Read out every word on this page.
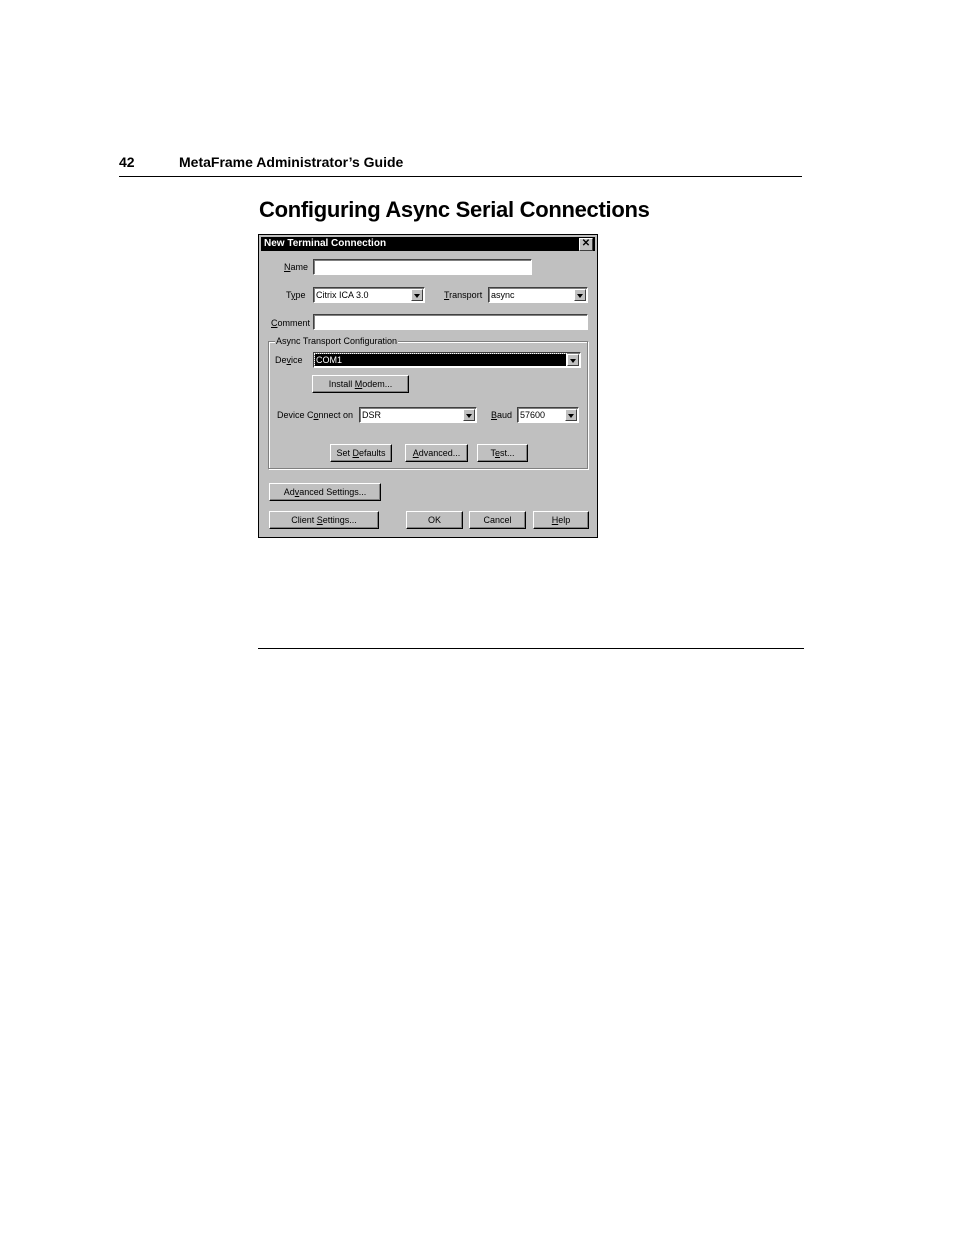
42	MetaFrame Administrator’s Guide
Configuring Async Serial Connections
New Terminal Connection	✕
Name
Type Citrix ICA 3.0	Transport async
Comment
Async Transport Configuration
Device COM1
Install Modem...
Device Connect on DSR	Baud 57600
Set Defaults	Advanced...	Test...
Advanced Settings...
Client Settings...	OK	Cancel	Help
